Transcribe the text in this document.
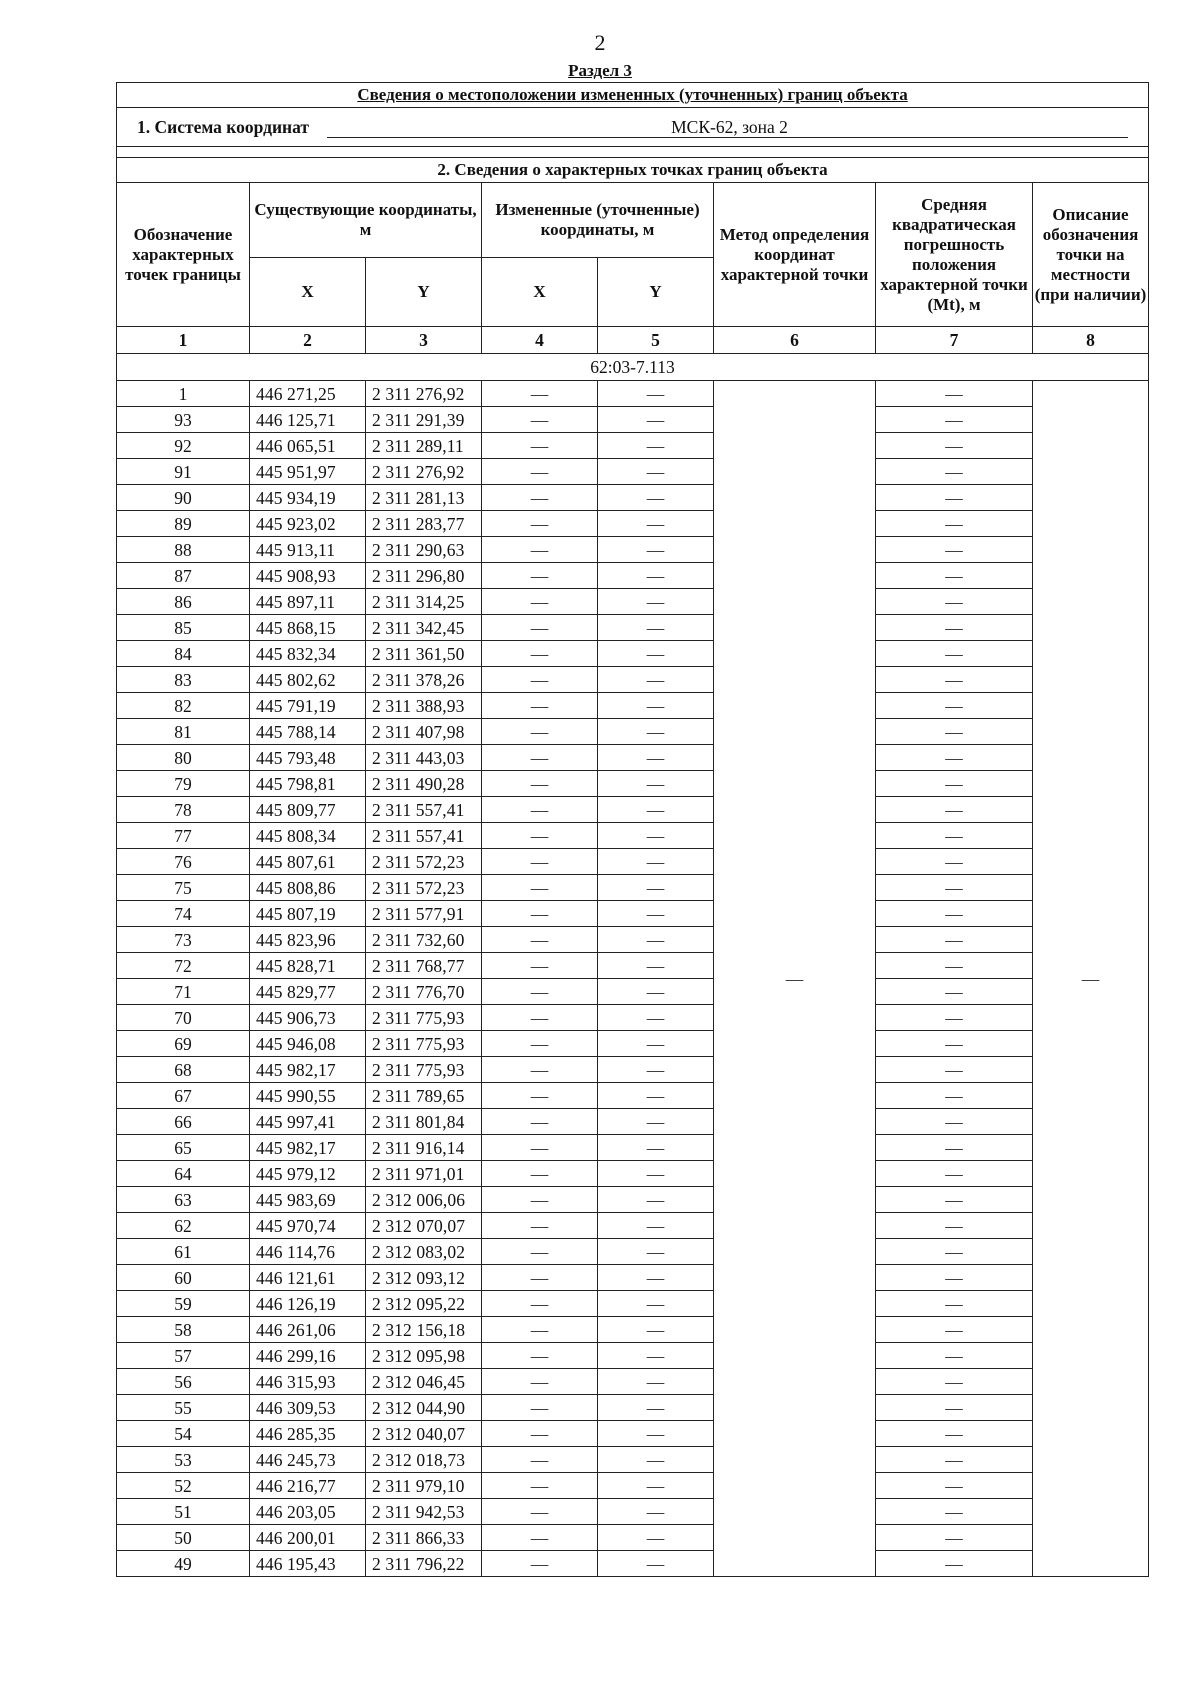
2
Раздел 3
Сведения о местоположении измененных (уточненных) границ объекта							
1. Система координат МСК-62, зона 2							

2. Сведения о характерных точках границ объекта							
Обозначение характерных точек границы	Существующие координаты, м		Измененные (уточненные) координаты, м		Метод определения координат характерной точки	Средняя квадратическая погрешность положения характерной точки (Mt), м	Описание обозначения точки на местности (при наличии)
	X	Y	X	Y			
1	2	3	4	5	6	7	8
62:03-7.113							
1	446 271,25	2 311 276,92	—	—	—	—	—
93	446 125,71	2 311 291,39	—	—		—	
92	446 065,51	2 311 289,11	—	—		—	
91	445 951,97	2 311 276,92	—	—		—	
90	445 934,19	2 311 281,13	—	—		—	
89	445 923,02	2 311 283,77	—	—		—	
88	445 913,11	2 311 290,63	—	—		—	
87	445 908,93	2 311 296,80	—	—		—	
86	445 897,11	2 311 314,25	—	—		—	
85	445 868,15	2 311 342,45	—	—		—	
84	445 832,34	2 311 361,50	—	—		—	
83	445 802,62	2 311 378,26	—	—		—	
82	445 791,19	2 311 388,93	—	—		—	
81	445 788,14	2 311 407,98	—	—		—	
80	445 793,48	2 311 443,03	—	—		—	
79	445 798,81	2 311 490,28	—	—		—	
78	445 809,77	2 311 557,41	—	—		—	
77	445 808,34	2 311 557,41	—	—		—	
76	445 807,61	2 311 572,23	—	—		—	
75	445 808,86	2 311 572,23	—	—		—	
74	445 807,19	2 311 577,91	—	—		—	
73	445 823,96	2 311 732,60	—	—		—	
72	445 828,71	2 311 768,77	—	—		—	
71	445 829,77	2 311 776,70	—	—		—	
70	445 906,73	2 311 775,93	—	—		—	
69	445 946,08	2 311 775,93	—	—		—	
68	445 982,17	2 311 775,93	—	—		—	
67	445 990,55	2 311 789,65	—	—		—	
66	445 997,41	2 311 801,84	—	—		—	
65	445 982,17	2 311 916,14	—	—		—	
64	445 979,12	2 311 971,01	—	—		—	
63	445 983,69	2 312 006,06	—	—		—	
62	445 970,74	2 312 070,07	—	—		—	
61	446 114,76	2 312 083,02	—	—		—	
60	446 121,61	2 312 093,12	—	—		—	
59	446 126,19	2 312 095,22	—	—		—	
58	446 261,06	2 312 156,18	—	—		—	
57	446 299,16	2 312 095,98	—	—		—	
56	446 315,93	2 312 046,45	—	—		—	
55	446 309,53	2 312 044,90	—	—		—	
54	446 285,35	2 312 040,07	—	—		—	
53	446 245,73	2 312 018,73	—	—		—	
52	446 216,77	2 311 979,10	—	—		—	
51	446 203,05	2 311 942,53	—	—		—	
50	446 200,01	2 311 866,33	—	—		—	
49	446 195,43	2 311 796,22	—	—		—	
